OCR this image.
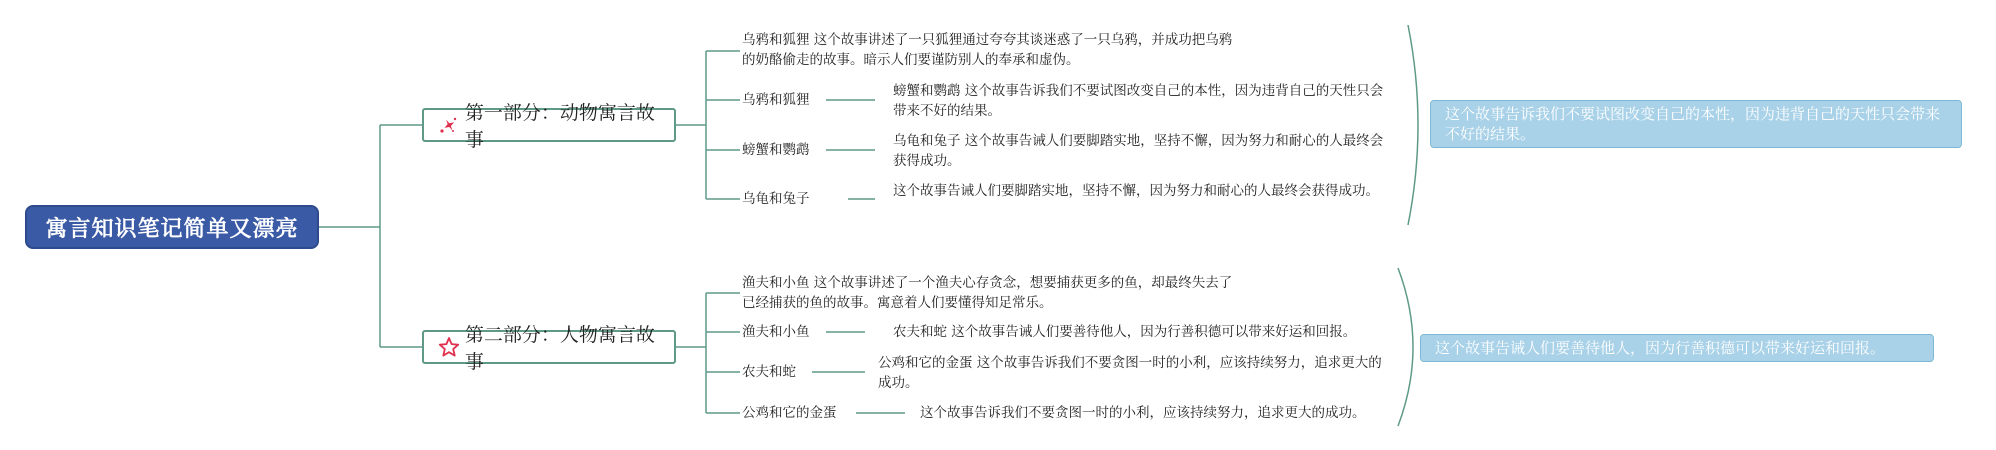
寓言知识笔记简单又漂亮
第一部分：动物寓言故事
乌鸦和狐狸 这个故事讲述了一只狐狸通过夸夸其谈迷惑了一只乌鸦，并成功把乌鸦的奶酪偷走的故事。暗示人们要谨防别人的奉承和虚伪。
乌鸦和狐狸
螃蟹和鹦鹉 这个故事告诉我们不要试图改变自己的本性，因为违背自己的天性只会带来不好的结果。
螃蟹和鹦鹉
乌龟和兔子 这个故事告诫人们要脚踏实地，坚持不懈，因为努力和耐心的人最终会获得成功。
乌龟和兔子	这个故事告诫人们要脚踏实地，坚持不懈，因为努力和耐心的人最终会获得成功。
这个故事告诉我们不要试图改变自己的本性，因为违背自己的天性只会带来不好的结果。
第二部分：人物寓言故事
渔夫和小鱼 这个故事讲述了一个渔夫心存贪念，想要捕获更多的鱼，却最终失去了已经捕获的鱼的故事。寓意着人们要懂得知足常乐。
渔夫和小鱼	农夫和蛇 这个故事告诫人们要善待他人，因为行善积德可以带来好运和回报。
农夫和蛇
公鸡和它的金蛋 这个故事告诉我们不要贪图一时的小利，应该持续努力，追求更大的成功。
公鸡和它的金蛋	这个故事告诉我们不要贪图一时的小利，应该持续努力，追求更大的成功。
这个故事告诫人们要善待他人，因为行善积德可以带来好运和回报。
